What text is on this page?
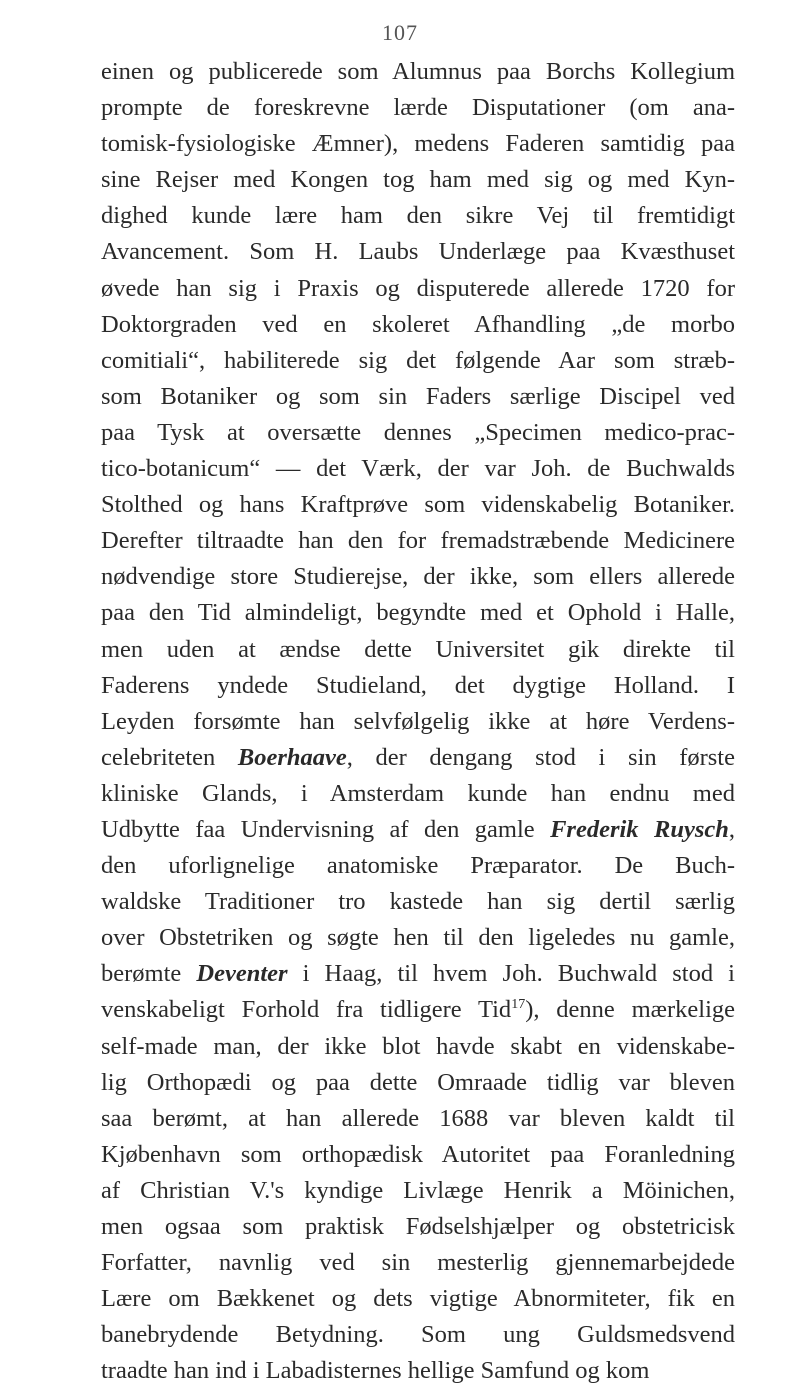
107
einen og publicerede som Alumnus paa Borchs Kollegium
prompte de foreskrevne lærde Disputationer (om ana-
tomisk-fysiologiske Æmner), medens Faderen samtidig paa
sine Rejser med Kongen tog ham med sig og med Kyn-
dighed kunde lære ham den sikre Vej til fremtidigt
Avancement. Som H. Laubs Underlæge paa Kvæsthuset
øvede han sig i Praxis og disputerede allerede 1720 for
Doktorgraden ved en skoleret Afhandling „de morbo
comitiali“, habiliterede sig det følgende Aar som stræb-
som Botaniker og som sin Faders særlige Discipel ved
paa Tysk at oversætte dennes „Specimen medico-prac-
tico-botanicum“ — det Værk, der var Joh. de Buchwalds
Stolthed og hans Kraftprøve som videnskabelig Botaniker.
Derefter tiltraadte han den for fremadstræbende Medicinere
nødvendige store Studierejse, der ikke, som ellers allerede
paa den Tid almindeligt, begyndte med et Ophold i Halle,
men uden at ændse dette Universitet gik direkte til
Faderens yndede Studieland, det dygtige Holland. I
Leyden forsømte han selvfølgelig ikke at høre Verdens-
celebriteten Boerhaave, der dengang stod i sin første
kliniske Glands, i Amsterdam kunde han endnu med
Udbytte faa Undervisning af den gamle Frederik Ruysch,
den uforlignelige anatomiske Præparator. De Buch-
waldske Traditioner tro kastede han sig dertil særlig
over Obstetriken og søgte hen til den ligeledes nu gamle,
berømte Deventer i Haag, til hvem Joh. Buchwald stod i
venskabeligt Forhold fra tidligere Tid$^{17}$), denne mærkelige
self-made man, der ikke blot havde skabt en videnskabe-
lig Orthopædi og paa dette Omraade tidlig var bleven
saa berømt, at han allerede 1688 var bleven kaldt til
Kjøbenhavn som orthopædisk Autoritet paa Foranledning
af Christian V.'s kyndige Livlæge Henrik a Möinichen,
men ogsaa som praktisk Fødselshjælper og obstetricisk
Forfatter, navnlig ved sin mesterlig gjennemarbejdede
Lære om Bækkenet og dets vigtige Abnormiteter, fik en
banebrydende Betydning. Som ung Guldsmedsvend
traadte han ind i Labadisternes hellige Samfund og kom
